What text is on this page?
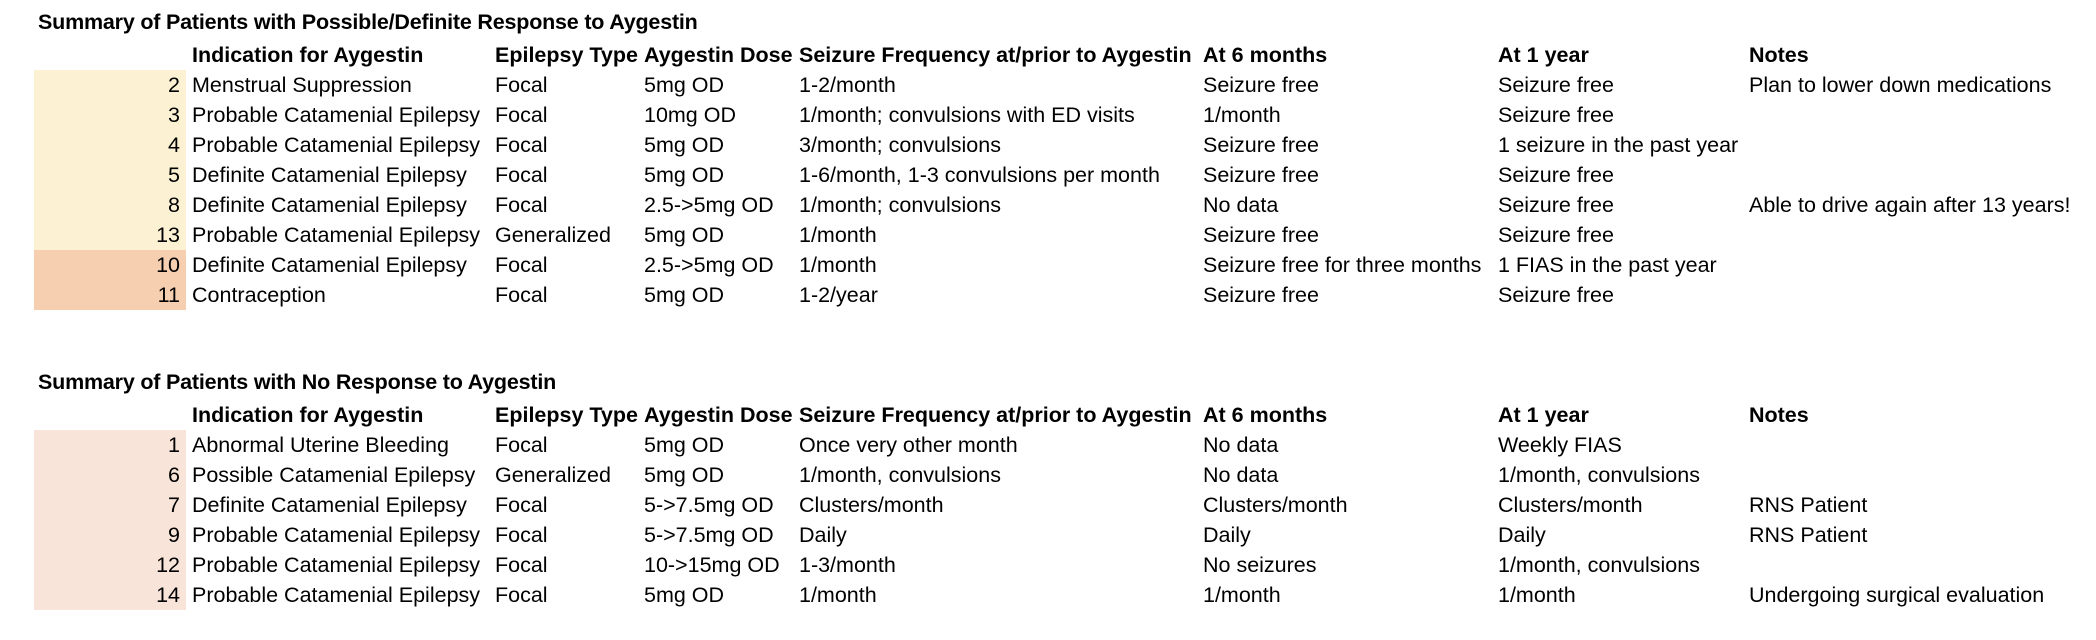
Summary of Patients with Possible/Definite Response to Aygestin
	Indication for Aygestin	Epilepsy Type	Aygestin Dose	Seizure Frequency at/prior to Aygestin	At 6 months	At 1 year	Notes
2	Menstrual Suppression	Focal	5mg OD	1-2/month	Seizure free	Seizure free	Plan to lower down medications
3	Probable Catamenial Epilepsy	Focal	10mg OD	1/month; convulsions with ED visits	1/month	Seizure free	
4	Probable Catamenial Epilepsy	Focal	5mg OD	3/month; convulsions	Seizure free	1 seizure in the past year	
5	Definite Catamenial Epilepsy	Focal	5mg OD	1-6/month, 1-3 convulsions per month	Seizure free	Seizure free	
8	Definite Catamenial Epilepsy	Focal	2.5->5mg OD	1/month; convulsions	No data	Seizure free	Able to drive again after 13 years!
13	Probable Catamenial Epilepsy	Generalized	5mg OD	1/month	Seizure free	Seizure free	
10	Definite Catamenial Epilepsy	Focal	2.5->5mg OD	1/month	Seizure free for three months	1 FIAS in the past year	
11	Contraception	Focal	5mg OD	1-2/year	Seizure free	Seizure free	
Summary of Patients with No Response to Aygestin
	Indication for Aygestin	Epilepsy Type	Aygestin Dose	Seizure Frequency at/prior to Aygestin	At 6 months	At 1 year	Notes
1	Abnormal Uterine Bleeding	Focal	5mg OD	Once very other month	No data	Weekly FIAS	
6	Possible Catamenial Epilepsy	Generalized	5mg OD	1/month, convulsions	No data	1/month, convulsions	
7	Definite Catamenial Epilepsy	Focal	5->7.5mg OD	Clusters/month	Clusters/month	Clusters/month	RNS Patient
9	Probable Catamenial Epilepsy	Focal	5->7.5mg OD	Daily	Daily	Daily	RNS Patient
12	Probable Catamenial Epilepsy	Focal	10->15mg OD	1-3/month	No seizures	1/month, convulsions	
14	Probable Catamenial Epilepsy	Focal	5mg OD	1/month	1/month	1/month	Undergoing surgical evaluation
